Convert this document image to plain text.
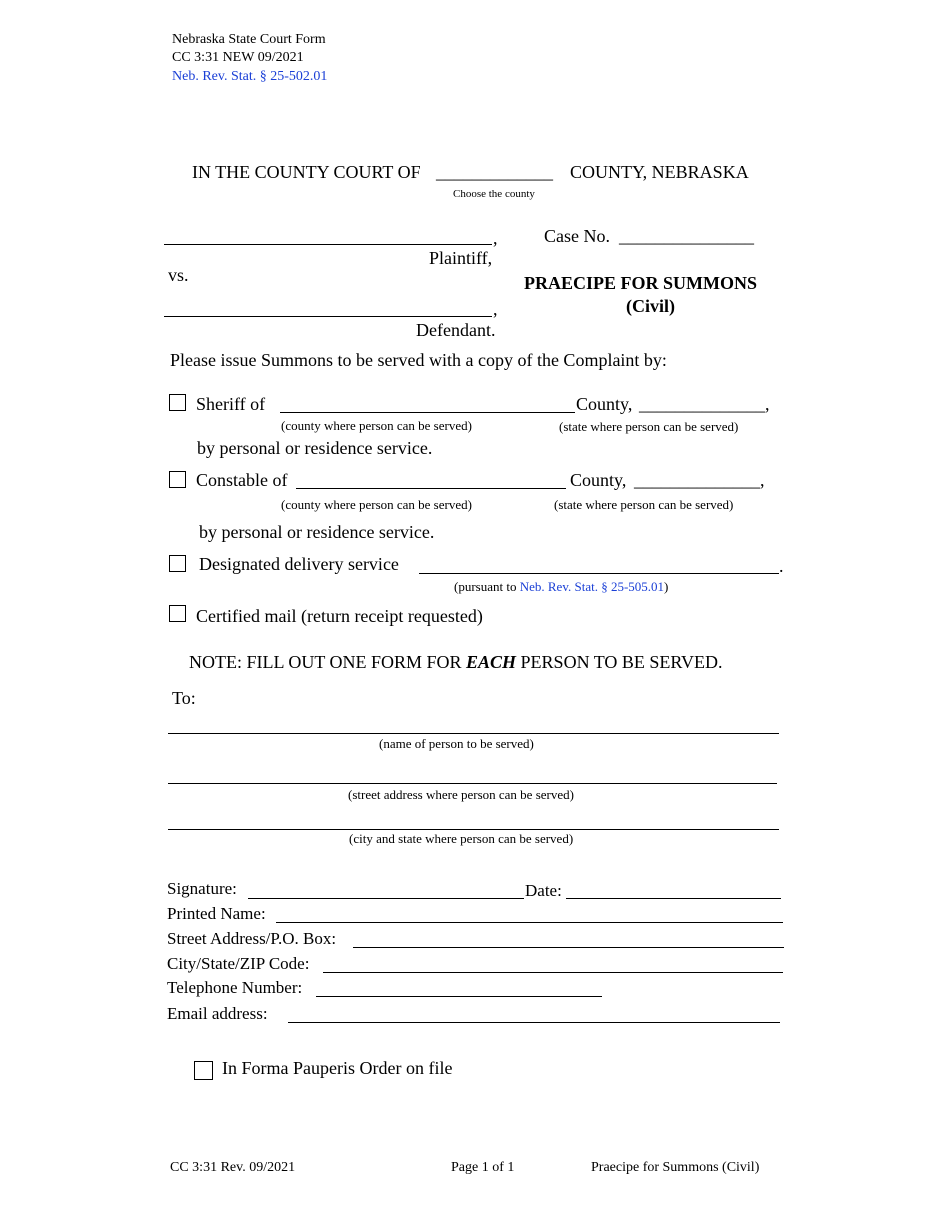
Nebraska State Court Form
CC 3:31 NEW 09/2021
Neb. Rev. Stat. § 25-502.01
IN THE COUNTY COURT OF _____________ COUNTY, NEBRASKA
Choose the county
,
Plaintiff,
vs.
,
Defendant.
Case No. _______________
PRAECIPE FOR SUMMONS
(Civil)
Please issue Summons to be served with a copy of the Complaint by:
Sheriff of	County, ______________,
(county where person can be served)	(state where person can be served)
by personal or residence service.
Constable of	County, ______________,
(county where person can be served)	(state where person can be served)
by personal or residence service.
Designated delivery service	.
(pursuant to Neb. Rev. Stat. § 25-505.01)
Certified mail (return receipt requested)
NOTE: FILL OUT ONE FORM FOR EACH PERSON TO BE SERVED.
To:
(name of person to be served)
(street address where person can be served)
(city and state where person can be served)
Signature:	Date:
Printed Name:
Street Address/P.O. Box:
City/State/ZIP Code:
Telephone Number:
Email address:
In Forma Pauperis Order on file
CC 3:31 Rev. 09/2021	Page 1 of 1	Praecipe for Summons (Civil)
